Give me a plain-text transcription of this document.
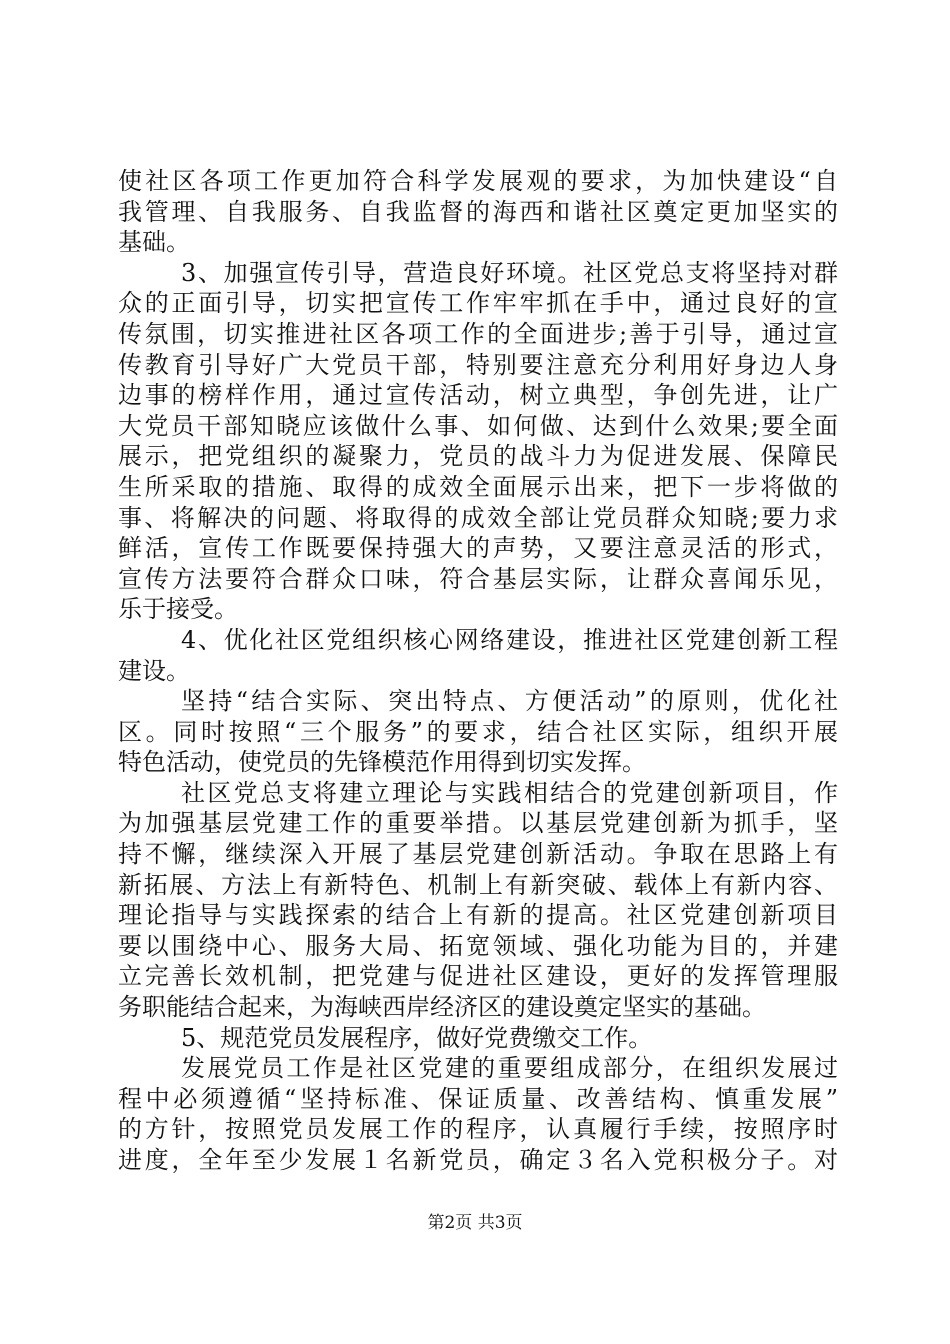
使社区各项工作更加符合科学发展观的要求，为加快建设“自
我管理、自我服务、自我监督的海西和谐社区奠定更加坚实的
基础。
3、加强宣传引导，营造良好环境。社区党总支将坚持对群
众的正面引导，切实把宣传工作牢牢抓在手中，通过良好的宣
传氛围，切实推进社区各项工作的全面进步;善于引导，通过宣
传教育引导好广大党员干部，特别要注意充分利用好身边人身
边事的榜样作用，通过宣传活动，树立典型，争创先进，让广
大党员干部知晓应该做什么事、如何做、达到什么效果;要全面
展示，把党组织的凝聚力，党员的战斗力为促进发展、保障民
生所采取的措施、取得的成效全面展示出来，把下一步将做的
事、将解决的问题、将取得的成效全部让党员群众知晓;要力求
鲜活，宣传工作既要保持强大的声势，又要注意灵活的形式，
宣传方法要符合群众口味，符合基层实际，让群众喜闻乐见，
乐于接受。
4、优化社区党组织核心网络建设，推进社区党建创新工程
建设。
坚持“结合实际、突出特点、方便活动”的原则，优化社
区。同时按照“三个服务”的要求，结合社区实际，组织开展
特色活动，使党员的先锋模范作用得到切实发挥。
社区党总支将建立理论与实践相结合的党建创新项目，作
为加强基层党建工作的重要举措。以基层党建创新为抓手，坚
持不懈，继续深入开展了基层党建创新活动。争取在思路上有
新拓展、方法上有新特色、机制上有新突破、载体上有新内容、
理论指导与实践探索的结合上有新的提高。社区党建创新项目
要以围绕中心、服务大局、拓宽领域、强化功能为目的，并建
立完善长效机制，把党建与促进社区建设，更好的发挥管理服
务职能结合起来，为海峡西岸经济区的建设奠定坚实的基础。
5、规范党员发展程序，做好党费缴交工作。
发展党员工作是社区党建的重要组成部分，在组织发展过
程中必须遵循“坚持标准、保证质量、改善结构、慎重发展”
的方针，按照党员发展工作的程序，认真履行手续，按照序时
进度，全年至少发展１名新党员，确定３名入党积极分子。对
第2页 共3页
